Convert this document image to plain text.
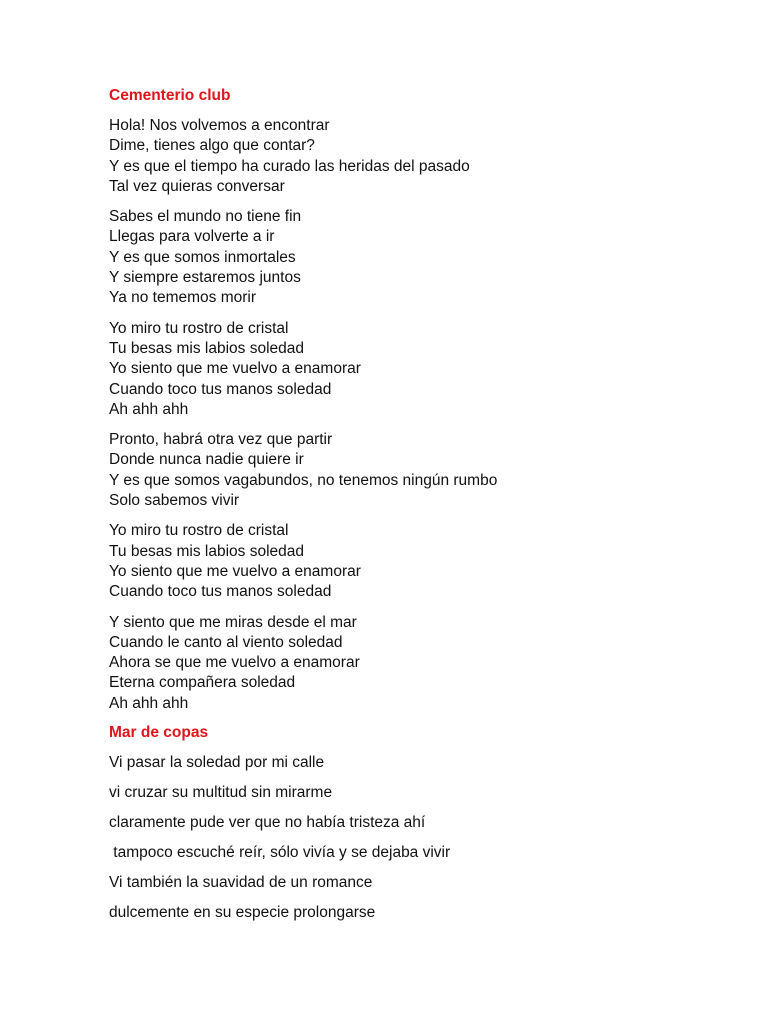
Cementerio club
Hola! Nos volvemos a encontrar
Dime, tienes algo que contar?
Y es que el tiempo ha curado las heridas del pasado
Tal vez quieras conversar
Sabes el mundo no tiene fin
Llegas para volverte a ir
Y es que somos inmortales
Y siempre estaremos juntos
Ya no tememos morir
Yo miro tu rostro de cristal
Tu besas mis labios soledad
Yo siento que me vuelvo a enamorar
Cuando toco tus manos soledad
Ah ahh ahh
Pronto, habrá otra vez que partir
Donde nunca nadie quiere ir
Y es que somos vagabundos, no tenemos ningún rumbo
Solo sabemos vivir
Yo miro tu rostro de cristal
Tu besas mis labios soledad
Yo siento que me vuelvo a enamorar
Cuando toco tus manos soledad
Y siento que me miras desde el mar
Cuando le canto al viento soledad
Ahora se que me vuelvo a enamorar
Eterna compañera soledad
Ah ahh ahh
Mar de copas
Vi pasar la soledad por mi calle
vi cruzar su multitud sin mirarme
claramente pude ver que no había tristeza ahí
tampoco escuché reír, sólo vivía y se dejaba vivir
Vi también la suavidad de un romance
dulcemente en su especie prolongarse
